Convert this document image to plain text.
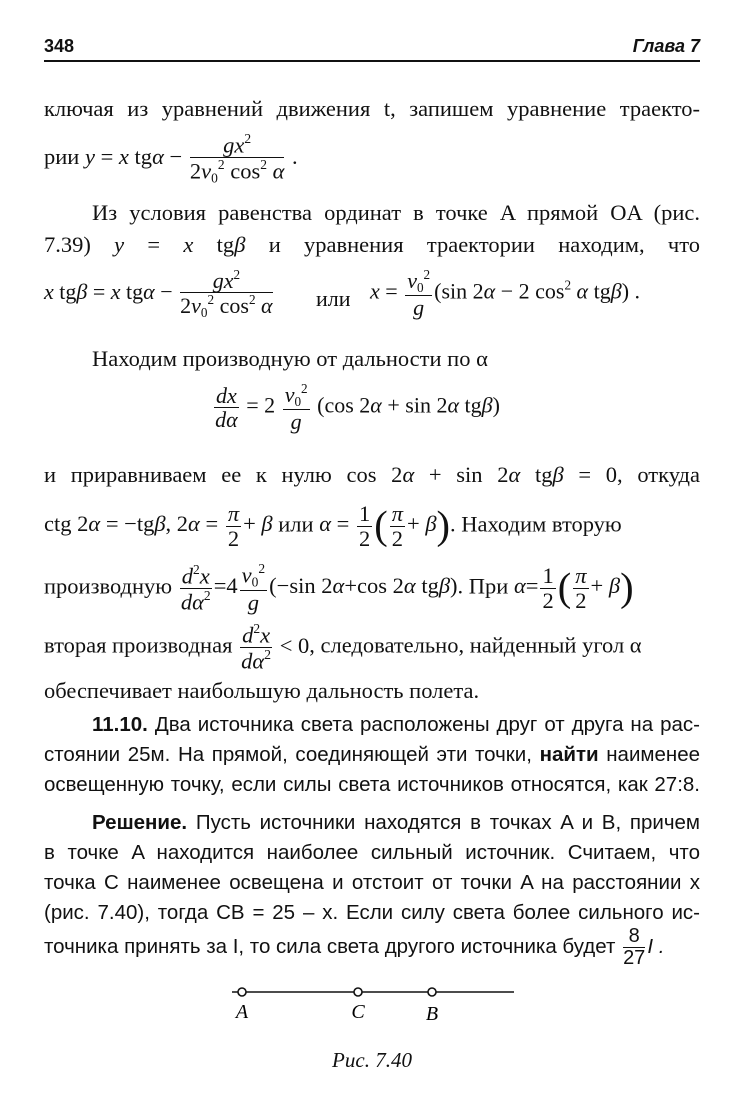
348	Глава 7
ключая из уравнений движения t, запишем уравнение траекто-
рии y = x $tg\alpha - \frac{gx^2}{2v_0^2 \cos^2 \alpha}$ .
Из условия равенства ординат в точке A прямой OA (рис.
7.39) y = x tgβ и уравнения траектории находим, что
x tgβ = x $tg\alpha - \frac{gx^2}{2v_0^2 \cos^2 \alpha}$ или $x = \frac{v_0^2}{g} (\sin$ 2α − 2 $\cos^2 \alpha$ tgβ) .
Находим производную от дальности по α
$\frac{dx}{d\alpha} = 2 \frac{v_0^2}{g} (\cos$ 2α + sin 2α tgβ)
и приравниваем ее к нулю cos 2α + sin 2α tgβ = 0, откуда
ctg 2α = −tgβ, $2\alpha = \frac{\pi}{2} + \beta$ или $\alpha = \frac{1}{2}$ ( $\frac{\pi}{2} + \beta$). Находим вторую
производную $\frac{d^2x}{d\alpha^2} =4 \frac{v_0^2}{g} (-\sin$ 2α+cos 2α tgβ). При $\alpha= \frac{1}{2}$ ( $\frac{\pi}{2} + \beta$)
вторая производная $\frac{d^2x}{d\alpha^2} < 0$, следовательно, найденный угол α
обеспечивает наибольшую дальность полета.
11.10. Два источника света расположены друг от друга на рас-
стоянии 25м. На прямой, соединяющей эти точки, найти наименее
освещенную точку, если силы света источников относятся, как 27:8.
Решение. Пусть источники находятся в точках A и B, причем
в точке A находится наиболее сильный источник. Считаем, что
точка C наименее освещена и отстоит от точки A на расстоянии x
(рис. 7.40), тогда CB = 25 – x. Если силу света более сильного ис-
точника принять за I, то сила света другого источника будет $\frac{8}{27}$ I .
A	C	B
Рис. 7.40
